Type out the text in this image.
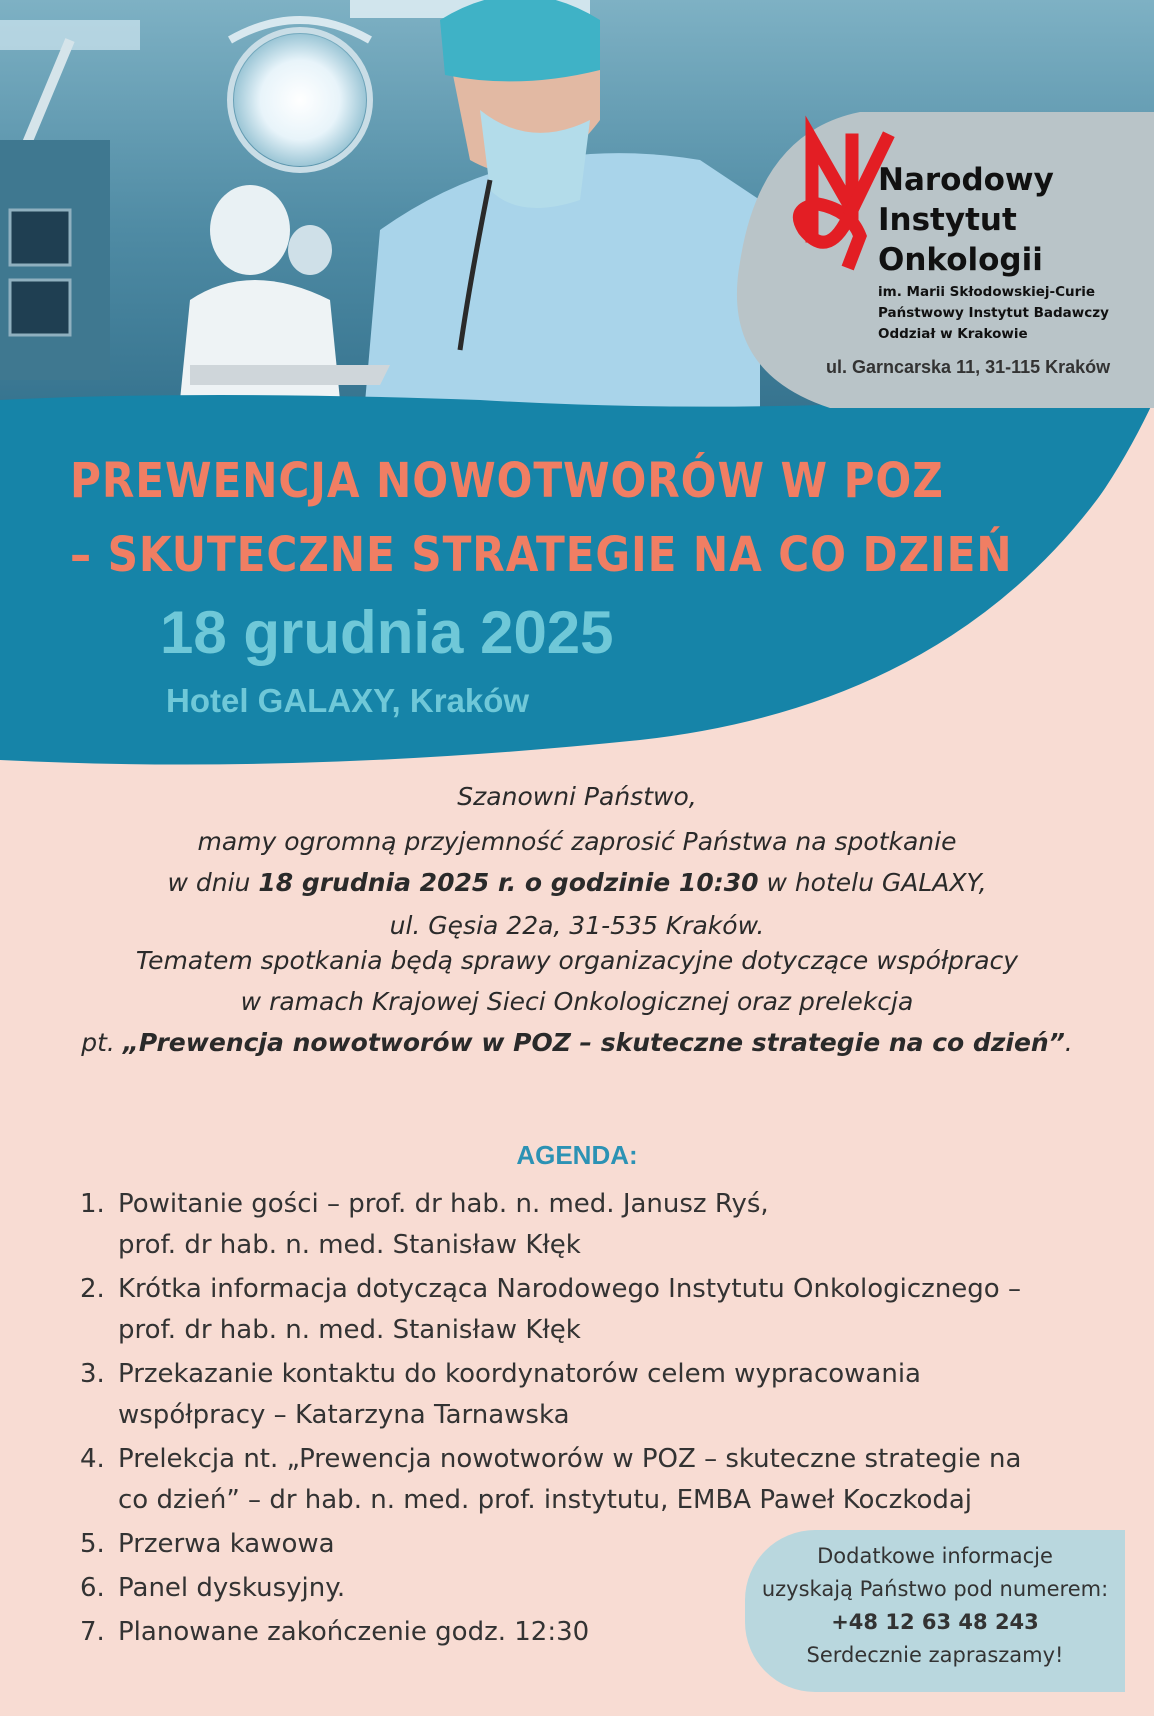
Narodowy
Instytut
Onkologii
im. Marii Skłodowskiej-Curie
Państwowy Instytut Badawczy
Oddział w Krakowie
ul. Garncarska 11, 31-115 Kraków
PREWENCJA NOWOTWORÓW W POZ
– SKUTECZNE STRATEGIE NA CO DZIEŃ
18 grudnia 2025
Hotel GALAXY, Kraków

Szanowni Państwo,

mamy ogromną przyjemność zaprosić Państwa na spotkanie

w dniu 18 grudnia 2025 r. o godzinie 10:30 w hotelu GALAXY,

ul. Gęsia 22a, 31-535 Kraków.

Tematem spotkania będą sprawy organizacyjne dotyczące współpracy

w ramach Krajowej Sieci Onkologicznej oraz prelekcja

pt. „Prewencja nowotworów w POZ – skuteczne strategie na co dzień”.

AGENDA:
1. Powitanie gości – prof. dr hab. n. med. Janusz Ryś,
prof. dr hab. n. med. Stanisław Kłęk
2. Krótka informacja dotycząca Narodowego Instytutu Onkologicznego –
prof. dr hab. n. med. Stanisław Kłęk
3. Przekazanie kontaktu do koordynatorów celem wypracowania
współpracy – Katarzyna Tarnawska
4. Prelekcja nt. „Prewencja nowotworów w POZ – skuteczne strategie na
co dzień” – dr hab. n. med. prof. instytutu, EMBA Paweł Koczkodaj
5. Przerwa kawowa
6. Panel dyskusyjny.
7. Planowane zakończenie godz. 12:30
Dodatkowe informacje
uzyskają Państwo pod numerem:
+48 12 63 48 243
Serdecznie zapraszamy!
